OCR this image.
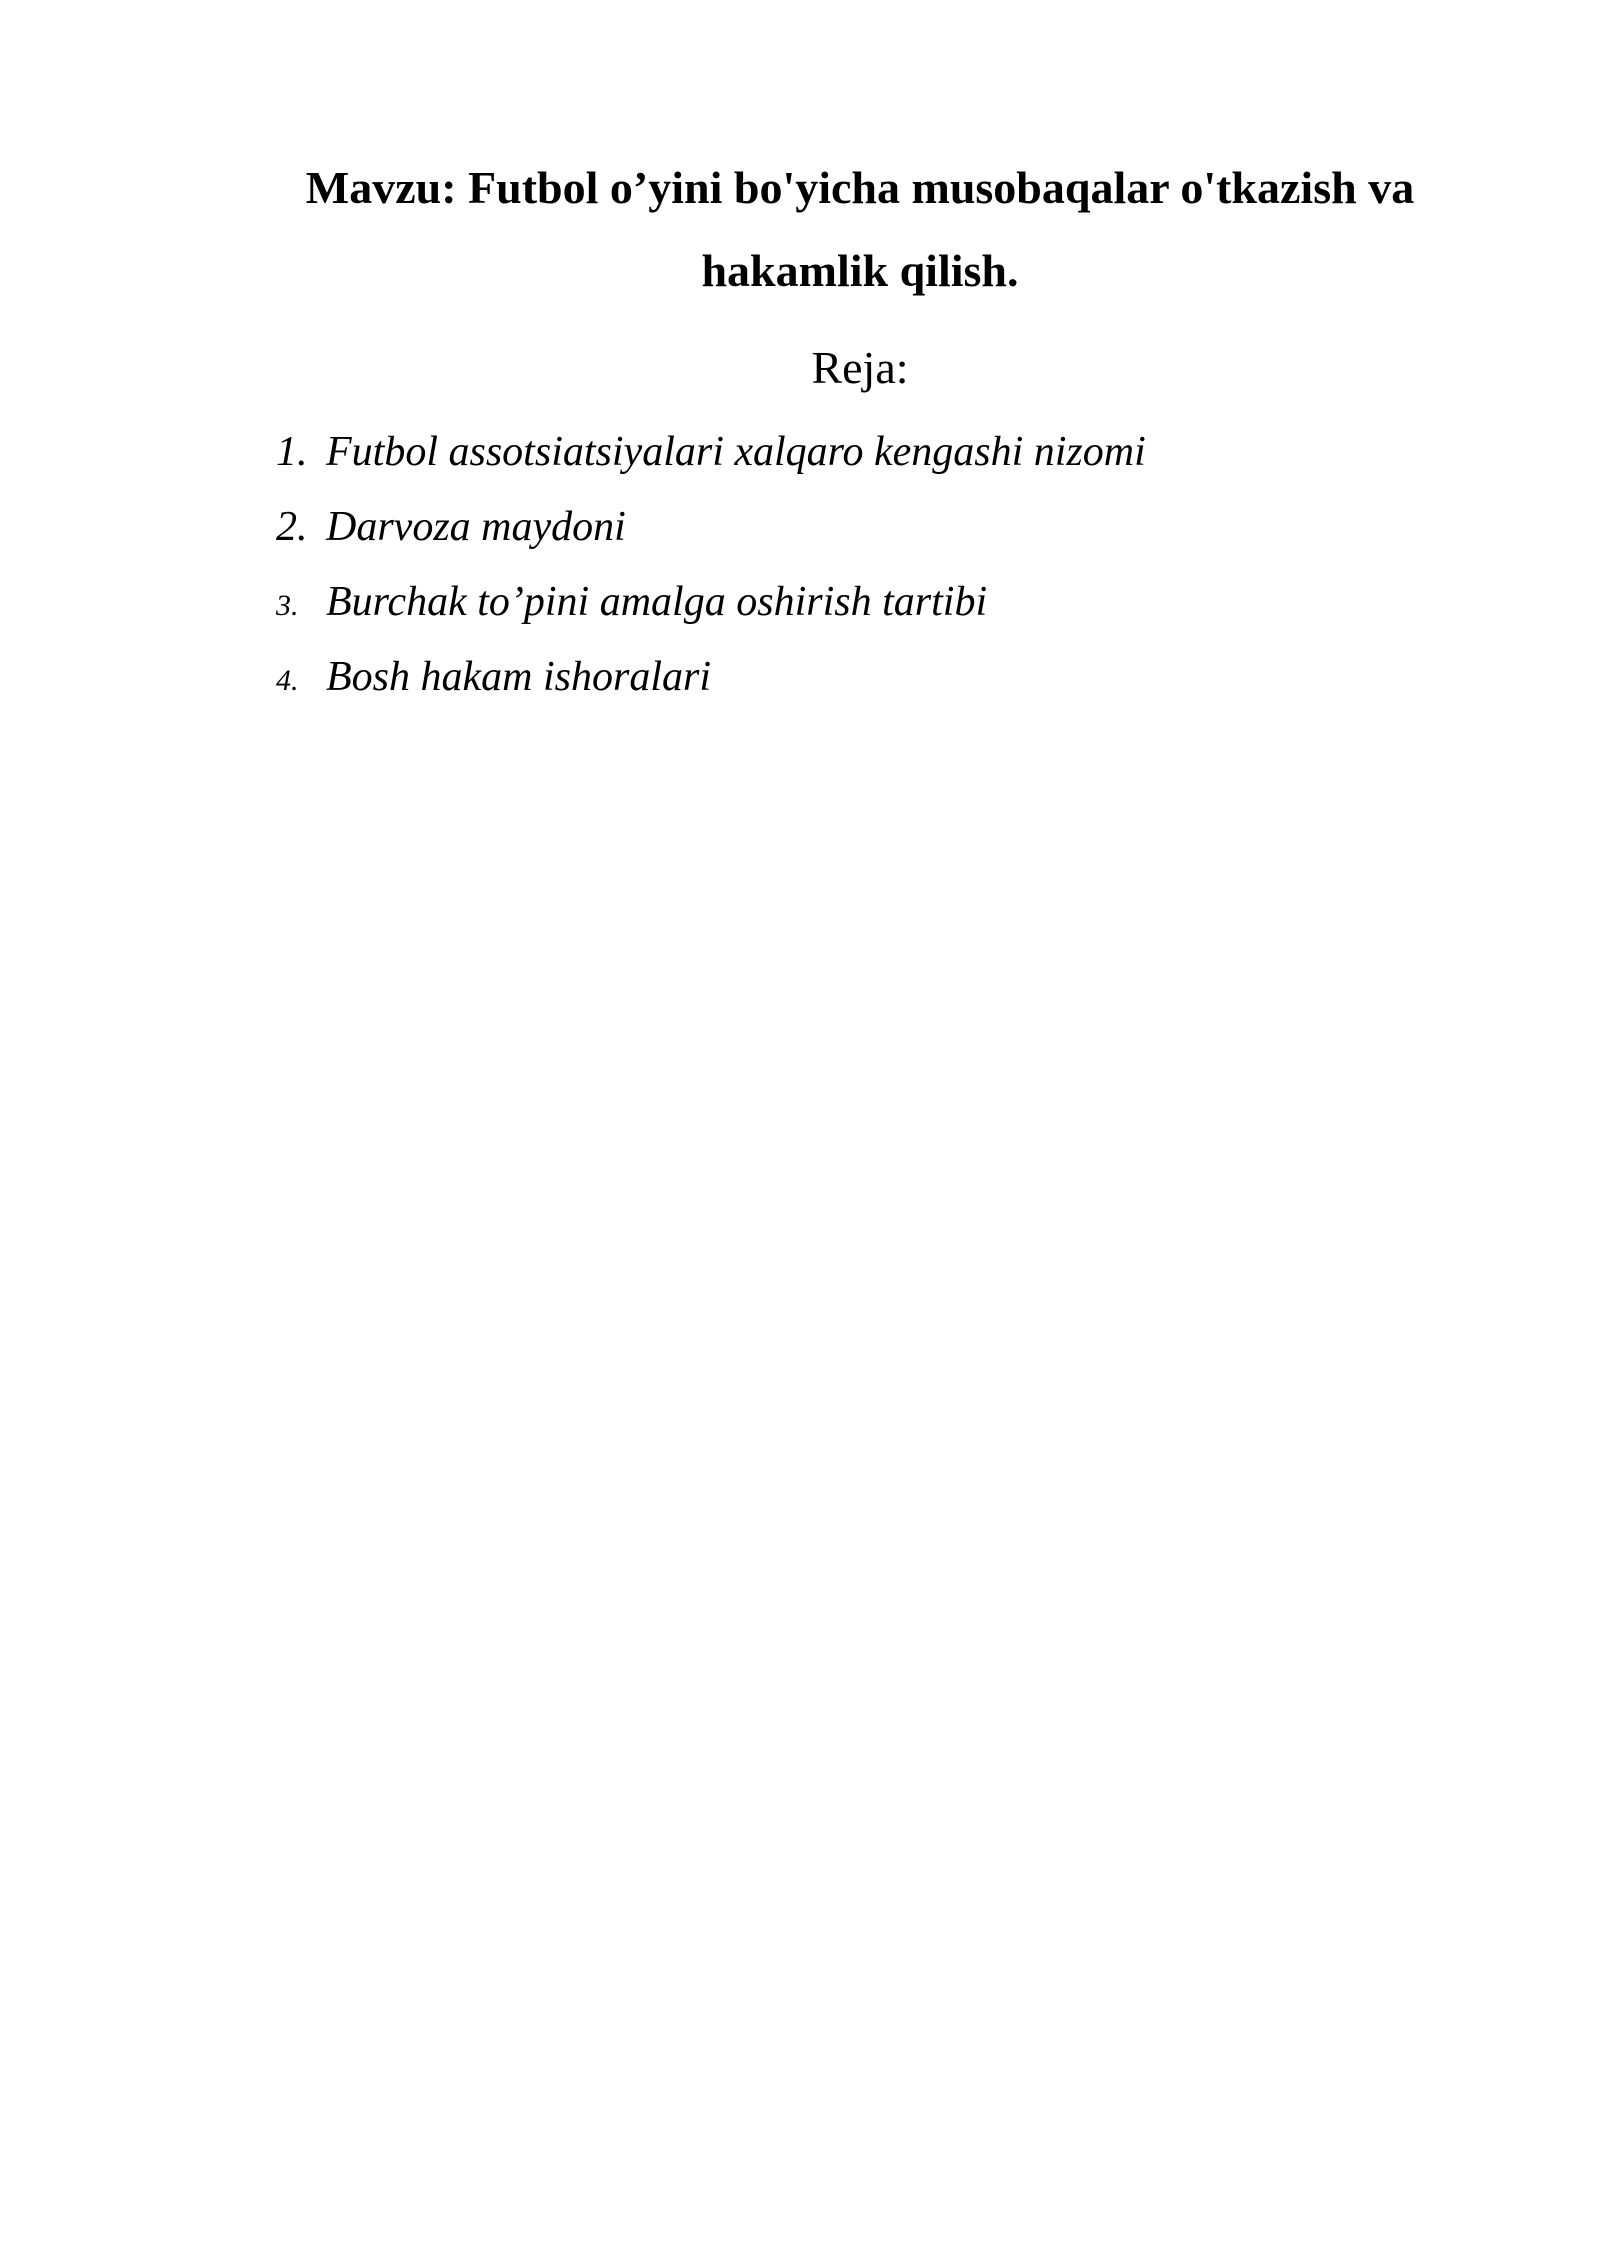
Mavzu: Futbol o’yini bo'yicha musobaqalar o'tkazish va hakamlik qilish.
Reja:
1. Futbol assotsiatsiyalari xalqaro kengashi nizomi
2. Darvoza maydoni
3. Burchak to’pini amalga oshirish tartibi
4. Bosh hakam ishoralari
